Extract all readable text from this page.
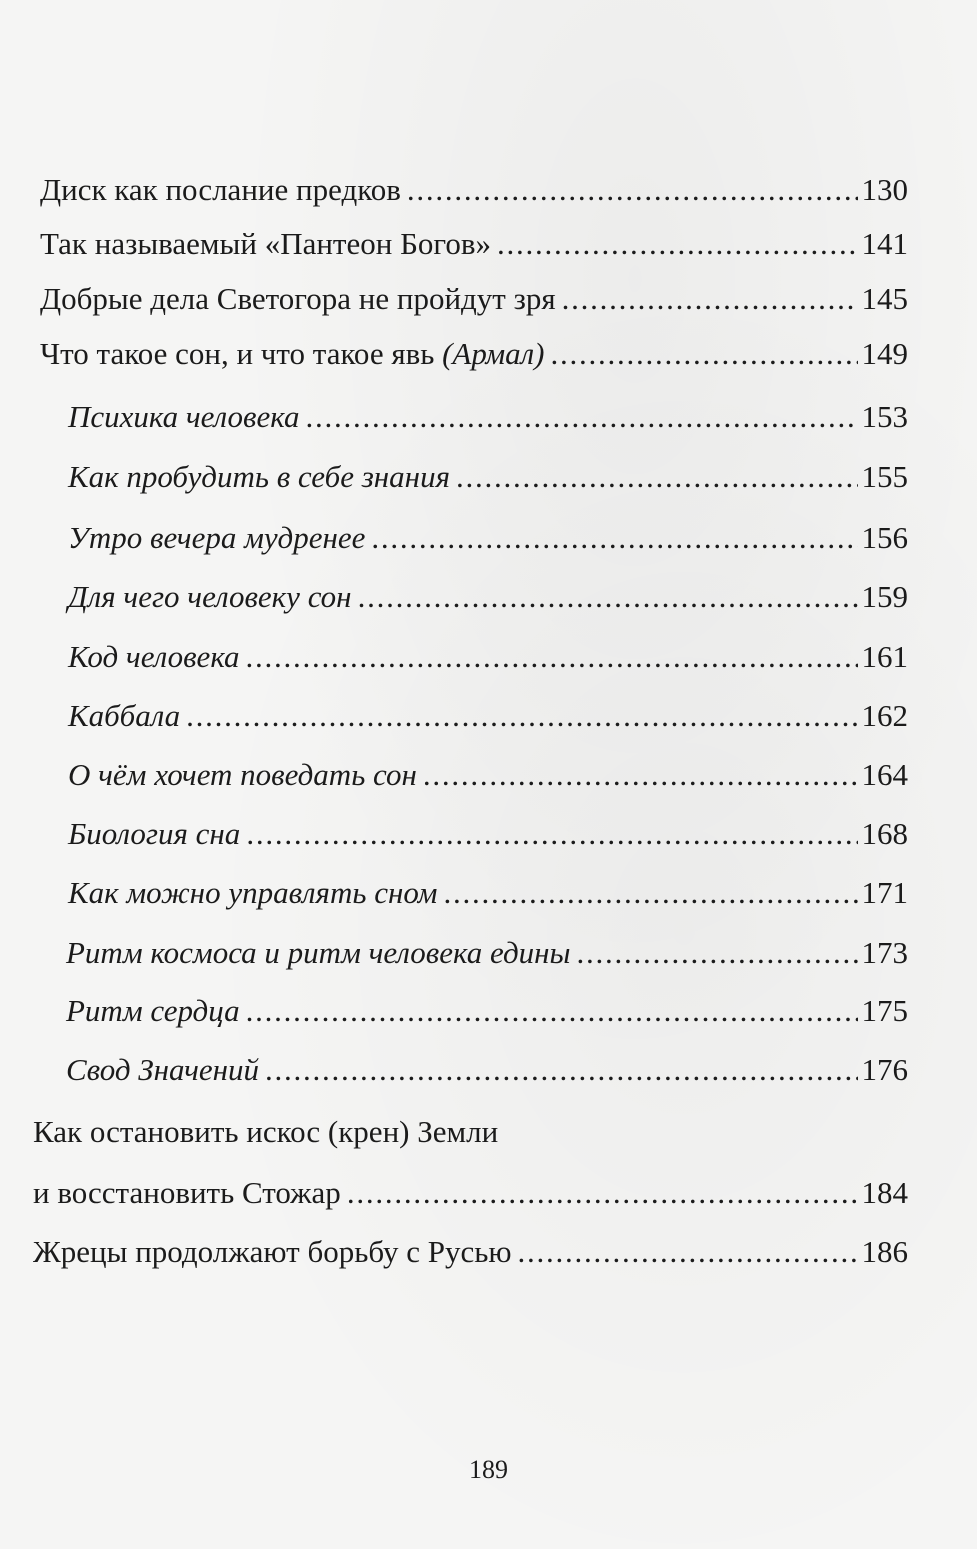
Диск как послание предков . . .	130
Так называемый «Пантеон Богов» . . .	141
Добрые дела Светогора не пройдут зря . . .	145
Что такое сон, и что такое явь (Армал) . . .	149
Психика человека . . .	153
Как пробудить в себе знания . . .	155
Утро вечера мудренее . . .	156
Для чего человеку сон . . .	159
Код человека . . .	161
Каббала . . .	162
О чём хочет поведать сон . . .	164
Биология сна . . .	168
Как можно управлять сном . . .	171
Ритм космоса и ритм человека едины . . .	173
Ритм сердца . . .	175
Свод Значений . . .	176
Как остановить искос (крен) Земли
и восстановить Стожар . . .	184
Жрецы продолжают борьбу с Русью . . .	186
189
